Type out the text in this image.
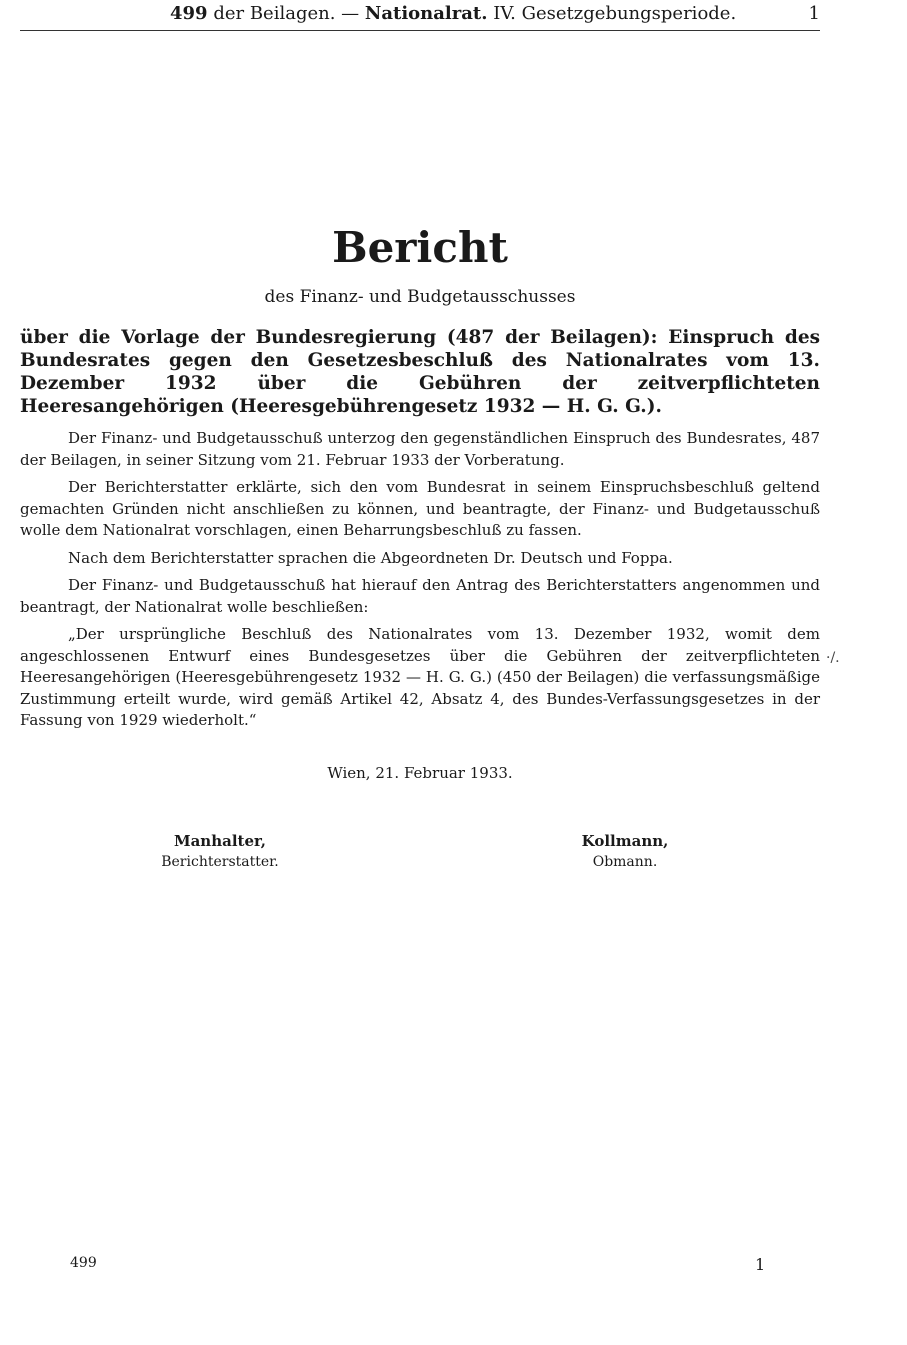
499 der Beilagen. — Nationalrat. IV. Gesetzgebungsperiode.	1
Bericht
des Finanz- und Budgetausschusses
über die Vorlage der Bundesregierung (487 der Beilagen): Einspruch des Bundesrates gegen den Gesetzesbeschluß des Nationalrates vom 13. Dezember 1932 über die Gebühren der zeitverpflichteten Heeresangehörigen (Heeresgebührengesetz 1932 — H. G. G.).

Der Finanz- und Budgetausschuß unterzog den gegenständlichen Einspruch des Bundesrates, 487 der Beilagen, in seiner Sitzung vom 21. Februar 1933 der Vorberatung.

Der Berichterstatter erklärte, sich den vom Bundesrat in seinem Einspruchsbeschluß geltend gemachten Gründen nicht anschließen zu können, und beantragte, der Finanz- und Budgetausschuß wolle dem Nationalrat vorschlagen, einen Beharrungsbeschluß zu fassen.

Nach dem Berichterstatter sprachen die Abgeordneten Dr. Deutsch und Foppa.

Der Finanz- und Budgetausschuß hat hierauf den Antrag des Berichterstatters angenommen und beantragt, der Nationalrat wolle beschließen:

„Der ursprüngliche Beschluß des Nationalrates vom 13. Dezember 1932, womit dem angeschlossenen Entwurf eines Bundesgesetzes über die Gebühren der zeitverpflichteten Heeresangehörigen (Heeresgebührengesetz 1932 — H. G. G.) (450 der Beilagen) die verfassungsmäßige Zustimmung erteilt wurde, wird gemäß Artikel 42, Absatz 4, des Bundes-Verfassungsgesetzes in der Fassung von 1929 wiederholt.“

·/.
Wien, 21. Februar 1933.
Manhalter,
Berichterstatter.
Kollmann,
Obmann.
499	1
